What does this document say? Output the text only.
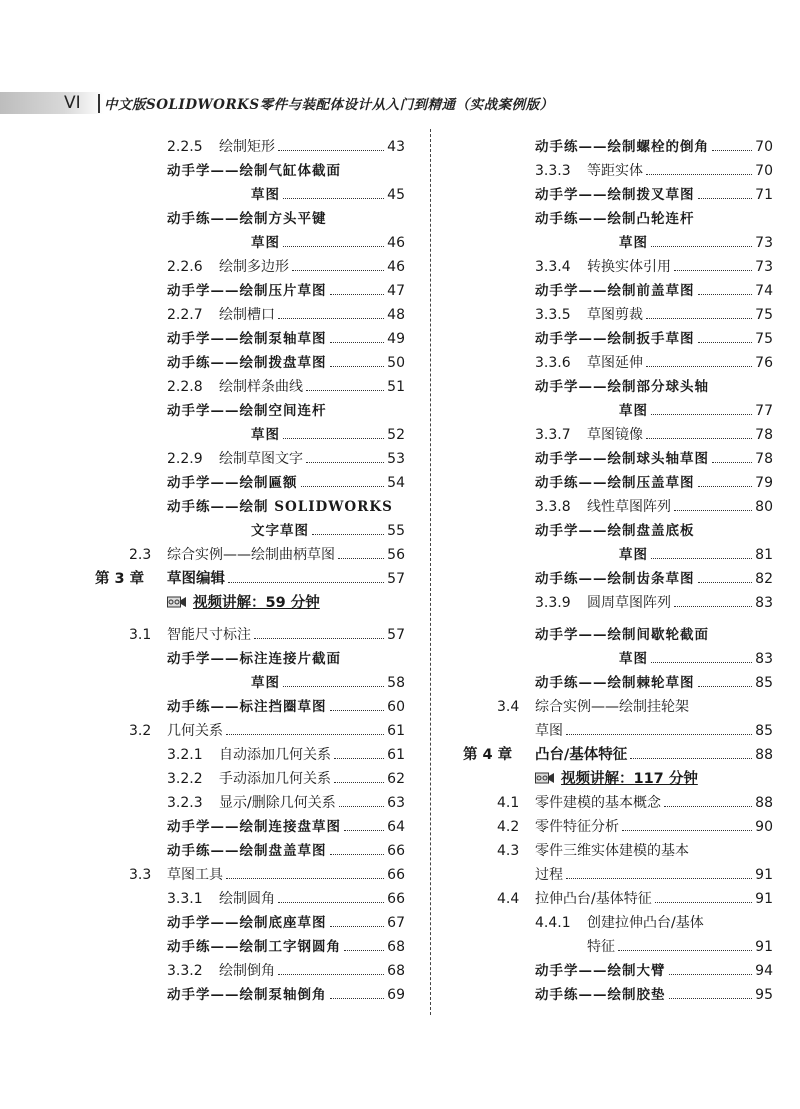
VI 中文版SOLIDWORKS零件与装配体设计从入门到精通（实战案例版）
2.2.5	绘制矩形	43
动手学——绘制气缸体截面
草图	45
动手练——绘制方头平键
草图	46
2.2.6	绘制多边形	46
动手学——绘制压片草图	47
2.2.7	绘制槽口	48
动手学——绘制泵轴草图	49
动手练——绘制拨盘草图	50
2.2.8	绘制样条曲线	51
动手学——绘制空间连杆
草图	52
2.2.9	绘制草图文字	53
动手学——绘制匾额	54
动手练——绘制 SOLIDWORKS
文字草图	55
2.3	综合实例——绘制曲柄草图	56
第 3 章	草图编辑	57
视频讲解：59 分钟
3.1	智能尺寸标注	57
动手学——标注连接片截面
草图	58
动手练——标注挡圈草图	60
3.2	几何关系	61
3.2.1	自动添加几何关系	61
3.2.2	手动添加几何关系	62
3.2.3	显示/删除几何关系	63
动手学——绘制连接盘草图	64
动手练——绘制盘盖草图	66
3.3	草图工具	66
3.3.1	绘制圆角	66
动手学——绘制底座草图	67
动手练——绘制工字钢圆角	68
3.3.2	绘制倒角	68
动手学——绘制泵轴倒角	69
动手练——绘制螺栓的倒角	70
3.3.3	等距实体	70
动手学——绘制拨叉草图	71
动手练——绘制凸轮连杆
草图	73
3.3.4	转换实体引用	73
动手学——绘制前盖草图	74
3.3.5	草图剪裁	75
动手学——绘制扳手草图	75
3.3.6	草图延伸	76
动手学——绘制部分球头轴
草图	77
3.3.7	草图镜像	78
动手学——绘制球头轴草图	78
动手练——绘制压盖草图	79
3.3.8	线性草图阵列	80
动手学——绘制盘盖底板
草图	81
动手练——绘制齿条草图	82
3.3.9	圆周草图阵列	83
动手学——绘制间歇轮截面
草图	83
动手练——绘制棘轮草图	85
3.4	综合实例——绘制挂轮架
草图	85
第 4 章	凸台/基体特征	88
视频讲解：117 分钟
4.1	零件建模的基本概念	88
4.2	零件特征分析	90
4.3	零件三维实体建模的基本
过程	91
4.4	拉伸凸台/基体特征	91
4.4.1	创建拉伸凸台/基体
特征	91
动手学——绘制大臂	94
动手练——绘制胶垫	95
